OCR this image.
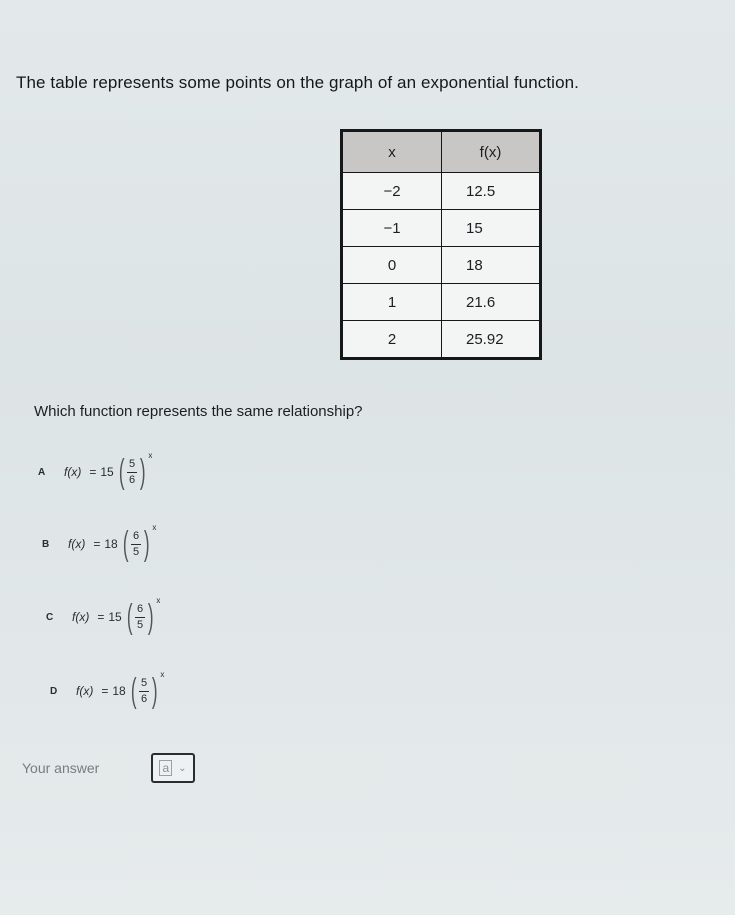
The table represents some points on the graph of an exponential function.
x	f(x)
−2	12.5
−1	15
0	18
1	21.6
2	25.92
Which function represents the same relationship?
A	f(x) = 15 ( $\frac{5}{6}$ ) x
B	f(x) = 18 ( $\frac{6}{5}$ ) x
C	f(x) = 15 ( $\frac{6}{5}$ ) x
D	f(x) = 18 ( $\frac{5}{6}$ ) x
Your answer	a ⌄
